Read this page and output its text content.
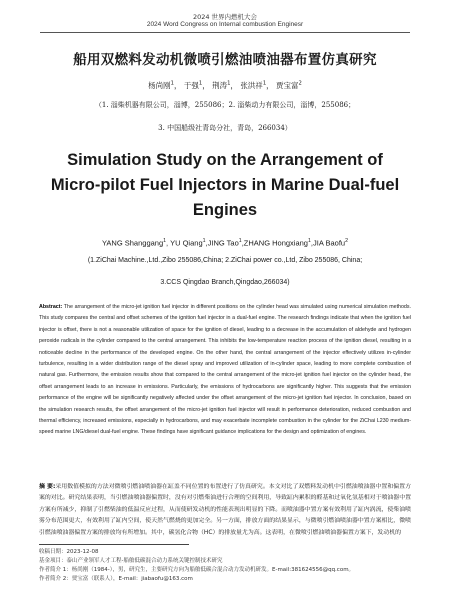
2024 世界内燃机大会
2024 Word Congress on Internal combustion Enginesr
船用双燃料发动机微喷引燃油喷油器布置仿真研究
杨尚刚$^1$， 于强$^1$， 荆涛$^1$， 张洪祥$^1$， 贾宝富$^2$
（1. 淄柴机器有限公司，淄博，255086；2. 淄柴动力有限公司，淄博，255086；
3. 中国船级社青岛分社，青岛，266034）
Simulation Study on the Arrangement of
Micro-pilot Fuel Injectors in Marine Dual-fuel
Engines
YANG Shanggang$^1$, YU Qiang$^1$,JING Tao$^1$,ZHANG Hongxiang$^1$,JIA Baofu$^2$
(1.ZiChai Machine.,Ltd.,Zibo 255086,China; 2.ZiChai power co.,Ltd, Zibo 255086, China;
3.CCS Qingdao Branch,Qingdao,266034)
Abstract: The arrangement of the micro-jet ignition fuel injector in different positions on the cylinder head was simulated using numerical simulation methods. This study compares the central and offset schemes of the ignition fuel injector in a dual-fuel engine. The research findings indicate that when the ignition fuel injector is offset, there is not a reasonable utilization of space for the ignition of diesel, leading to a decrease in the accumulation of aldehyde and hydrogen peroxide radicals in the cylinder compared to the central arrangement. This inhibits the low-temperature reaction process of the ignition diesel, resulting in a noticeable decline in the performance of the developed engine. On the other hand, the central arrangement of the injector effectively utilizes in-cylinder turbulence, resulting in a wider distribution range of the diesel spray and improved utilization of in-cylinder space, leading to more complete combustion of natural gas. Furthermore, the emission results show that compared to the central arrangement of the micro-jet ignition fuel injector on the cylinder head, the offset arrangement leads to an increase in emissions. Particularly, the emissions of hydrocarbons are significantly higher. This suggests that the emission performance of the engine will be significantly negatively affected under the offset arrangement of the micro-jet ignition fuel injector. In conclusion, based on the simulation research results, the offset arrangement of the micro-jet ignition fuel injector will result in performance deterioration, reduced combustion and thermal efficiency, increased emissions, especially in hydrocarbons, and may exacerbate incomplete combustion in the cylinder for the ZiChai L230 medium-speed marine LNG/diesel dual-fuel engine. These findings have significant guidance implications for the design and optimization of engines.
摘 要:采用数值模拟的方法对微喷引燃油喷油器在缸盖不同位置的布置进行了仿真研究。本文对比了双燃料发动机中引燃油喷油器中置和偏置方案的对比。研究结果表明，当引燃油喷油器偏置时，没有对引燃柴油进行合理的空间利用，导致缸内累积的醛基和过氧化氢基相对于喷油器中置方案有所减少，抑制了引燃柴油的低温反应过程，从而使研发动机的性能表现出明显的下降。而喷油器中置方案有效利用了缸内涡流，使柴油喷雾分布范围更大，有效利用了缸内空间，使天然气燃烧的更加完全。另一方面，排放方面的结果显示，与微喷引燃油喷油器中置方案相比，微喷引燃油喷油器偏置方案的排放均有所增加。其中，碳氢化合物（HC）的排放量尤为高。这表明，在微喷引燃油喷油器偏置方案下，发动机的
收稿日期：2023-12-08
基金项目：泰山产业领军人才工程-船舶低碳混合动力系统关键控制技术研究
作者简介 1：杨尚刚（1984-），男，研究生，主要研究方向为船舶低碳合混合动力发动机研发。E-mail:381624556@qq.com。
作者简介 2：贾宝富（联系人），E-mail：jiabaofu@163.com
